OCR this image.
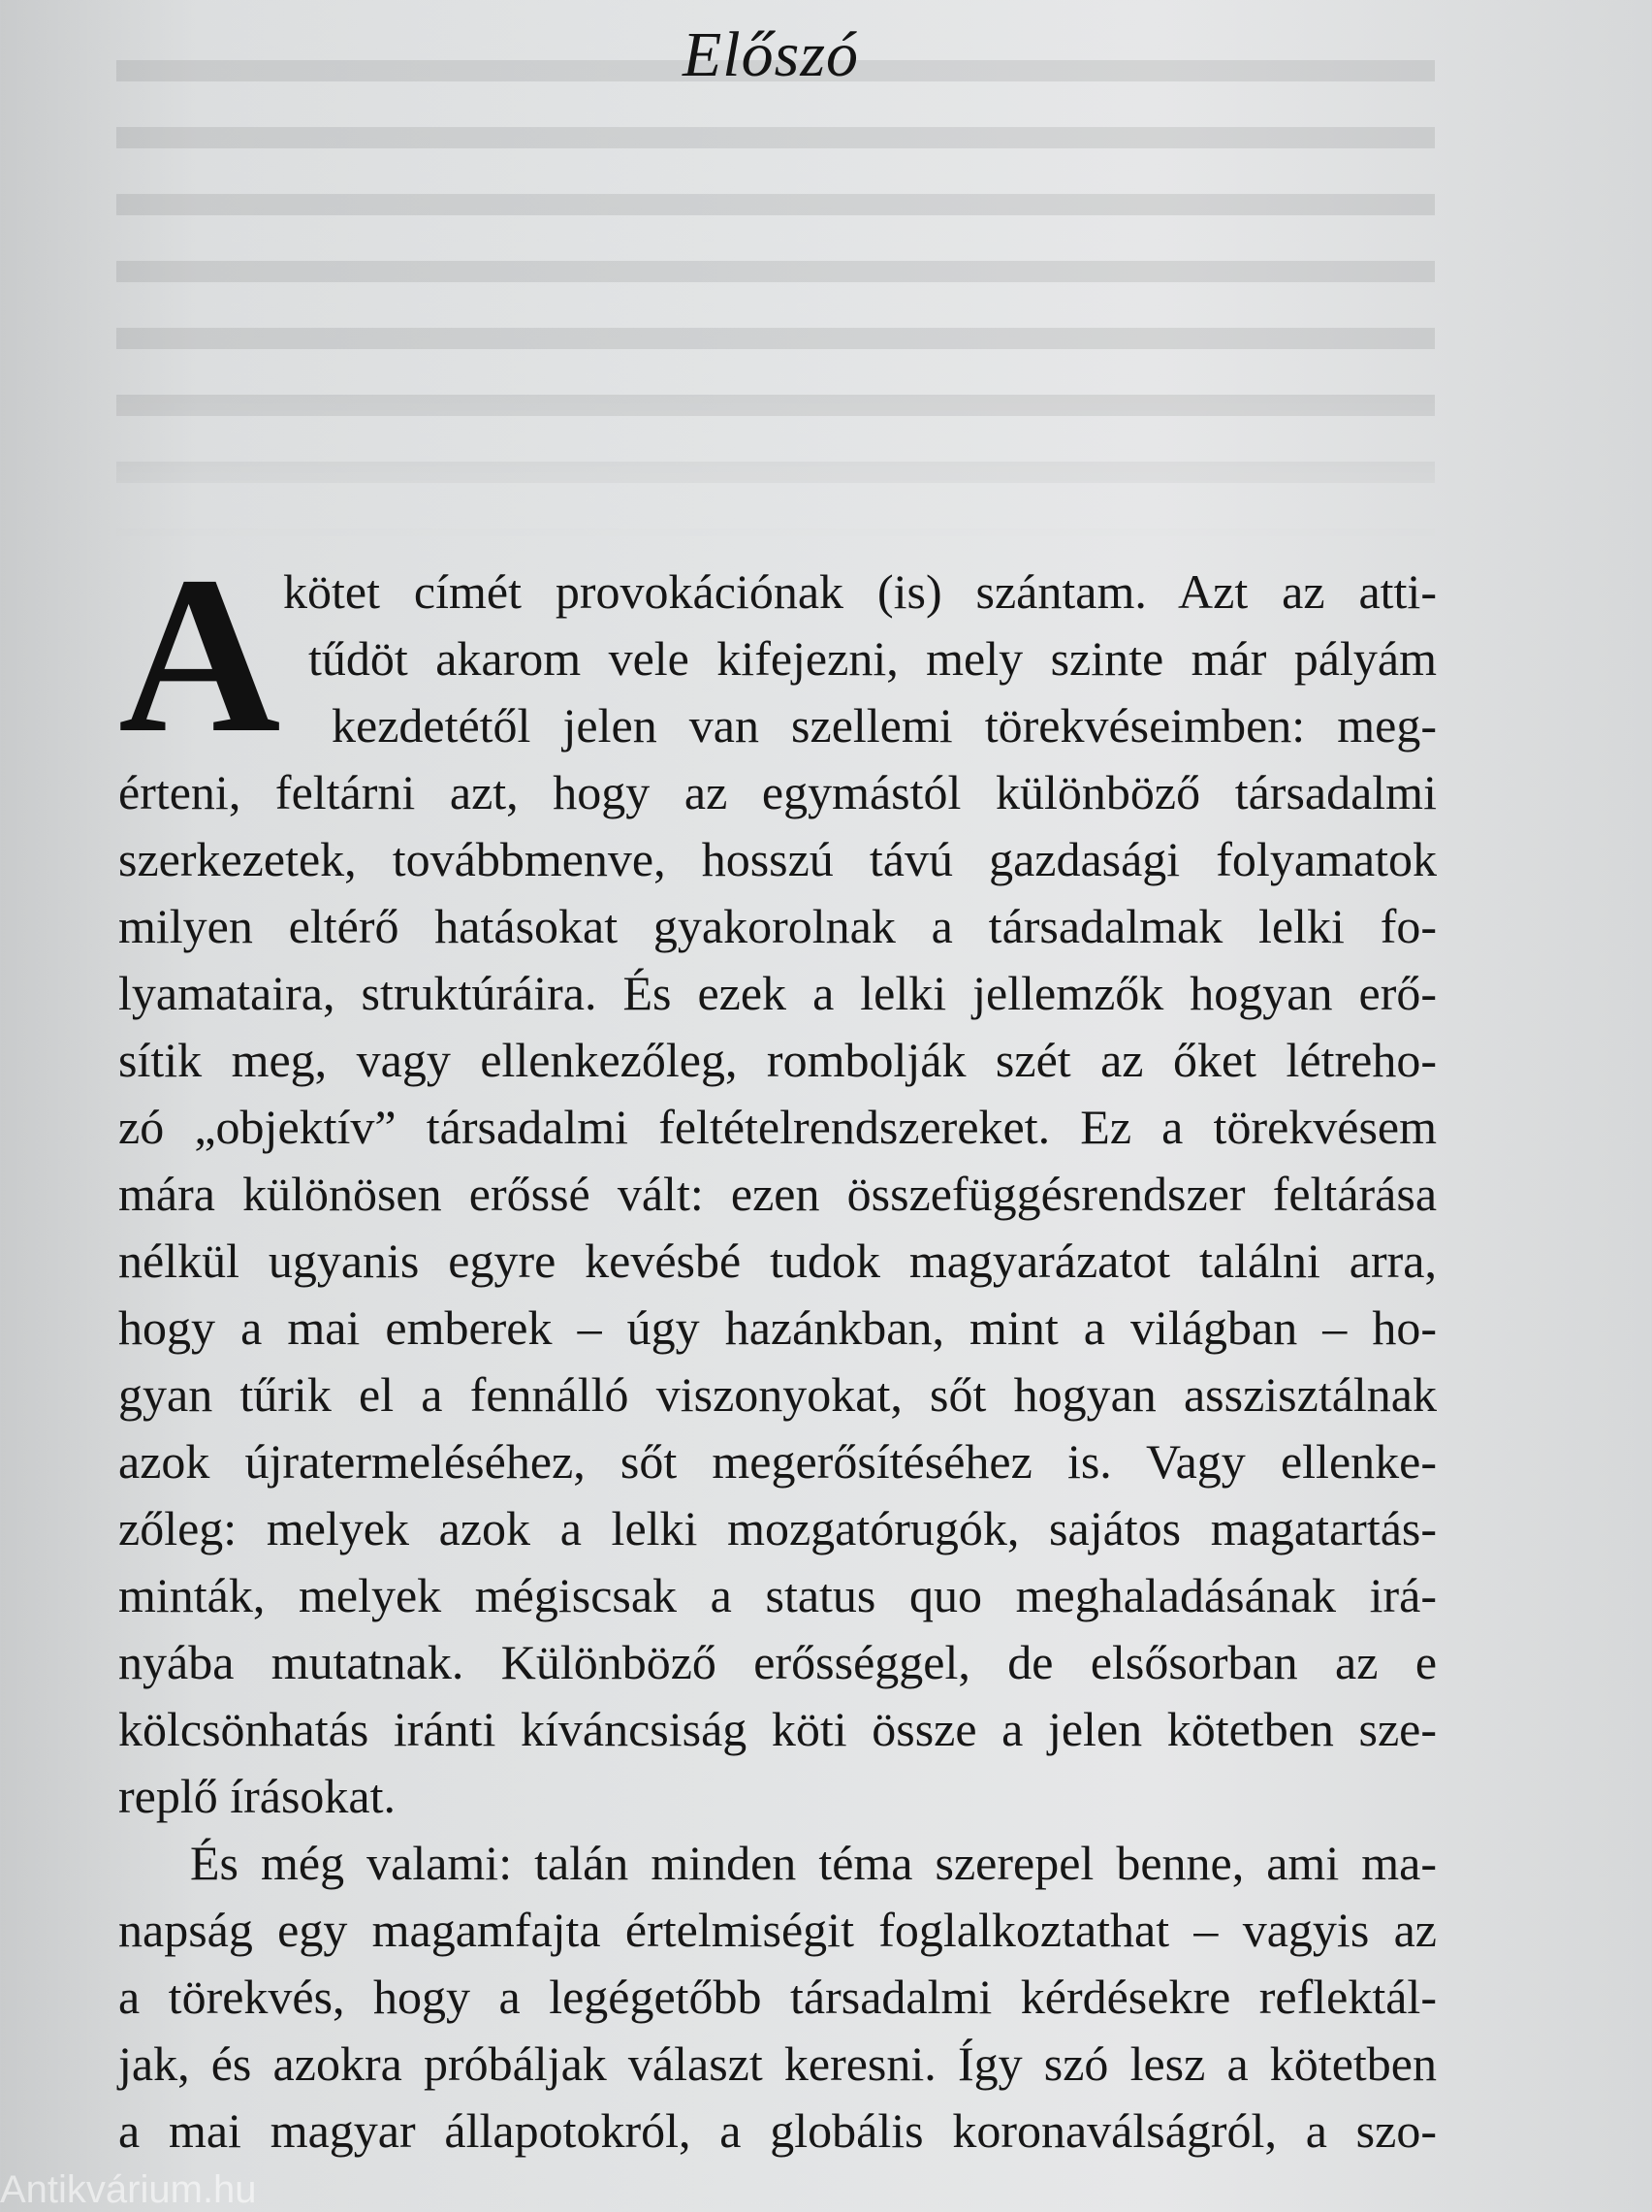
Előszó
A kötet címét provokációnak (is) szántam. Azt az atti-
tűdöt akarom vele kifejezni, mely szinte már pályám
kezdetétől jelen van szellemi törekvéseimben: meg-
érteni, feltárni azt, hogy az egymástól különböző társadalmi
szerkezetek, továbbmenve, hosszú távú gazdasági folyamatok
milyen eltérő hatásokat gyakorolnak a társadalmak lelki fo-
lyamataira, struktúráira. És ezek a lelki jellemzők hogyan erő-
sítik meg, vagy ellenkezőleg, rombolják szét az őket létreho-
zó „objektív” társadalmi feltételrendszereket. Ez a törekvésem
mára különösen erőssé vált: ezen összefüggésrendszer feltárása
nélkül ugyanis egyre kevésbé tudok magyarázatot találni arra,
hogy a mai emberek – úgy hazánkban, mint a világban – ho-
gyan tűrik el a fennálló viszonyokat, sőt hogyan asszisztálnak
azok újratermeléséhez, sőt megerősítéséhez is. Vagy ellenke-
zőleg: melyek azok a lelki mozgatórugók, sajátos magatartás-
minták, melyek mégiscsak a status quo meghaladásának irá-
nyába mutatnak. Különböző erősséggel, de elsősorban az e
kölcsönhatás iránti kíváncsiság köti össze a jelen kötetben sze-
replő írásokat.
És még valami: talán minden téma szerepel benne, ami ma-
napság egy magamfajta értelmiségit foglalkoztathat – vagyis az
a törekvés, hogy a legégetőbb társadalmi kérdésekre reflektál-
jak, és azokra próbáljak választ keresni. Így szó lesz a kötetben
a mai magyar állapotokról, a globális koronaválságról, a szo-
Antikvárium.hu
